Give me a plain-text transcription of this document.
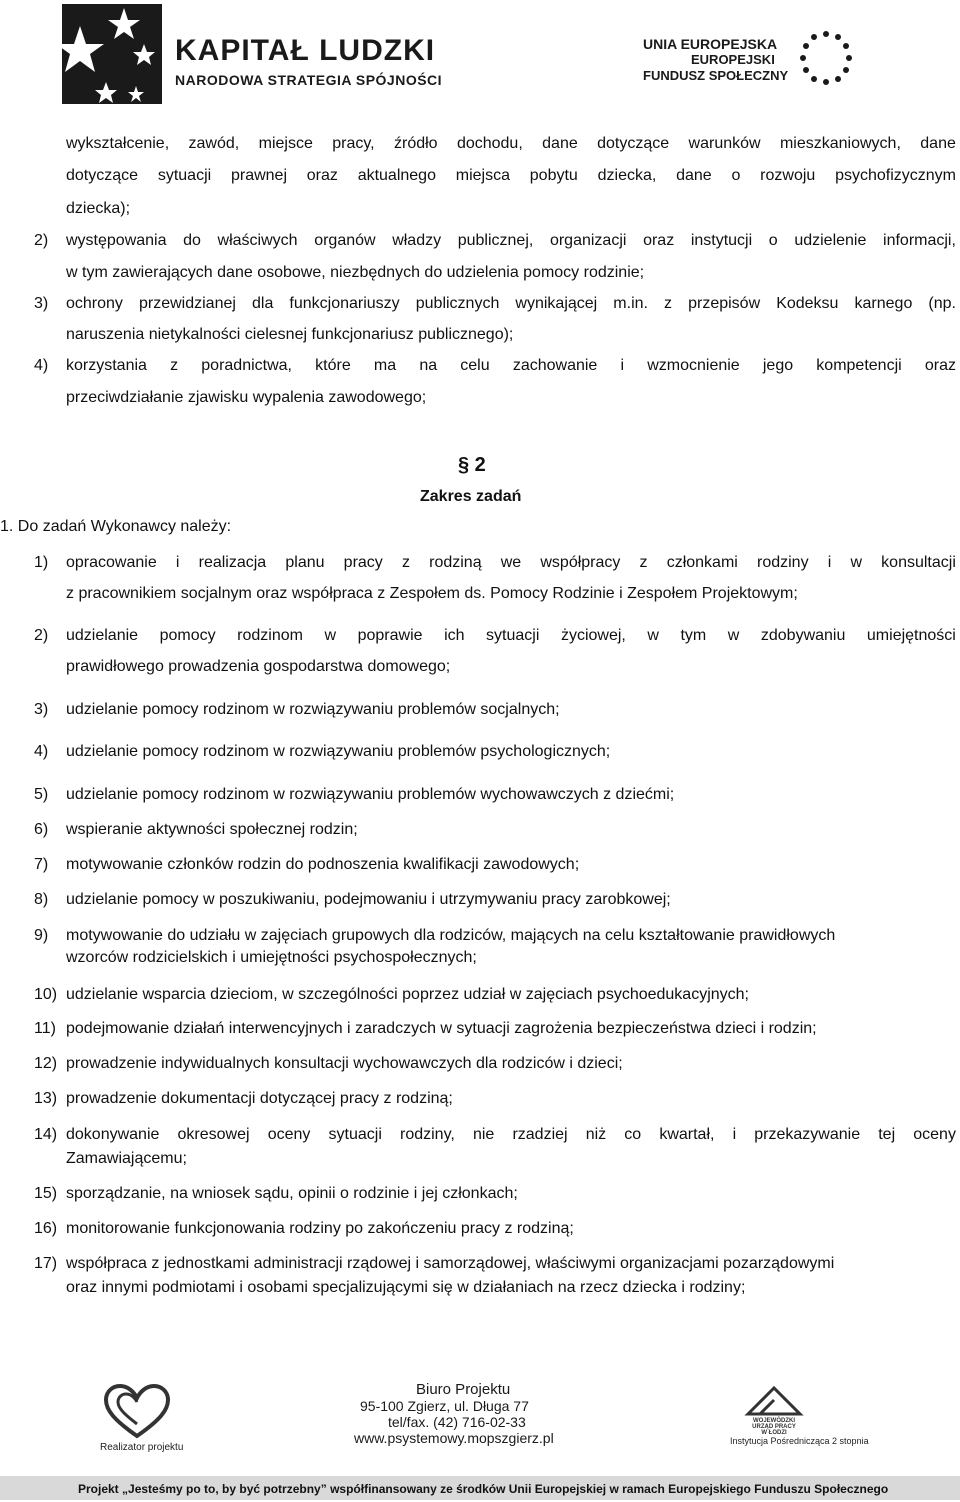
KAPITAŁ LUDZKI
NARODOWA STRATEGIA SPÓJNOŚCI
UNIA EUROPEJSKA
EUROPEJSKI
FUNDUSZ SPOŁECZNY
wykształcenie, zawód, miejsce pracy, źródło dochodu, dane dotyczące warunków mieszkaniowych, dane
dotyczące sytuacji prawnej oraz aktualnego miejsca pobytu dziecka, dane o rozwoju psychofizycznym
dziecka);
2) występowania do właściwych organów władzy publicznej, organizacji oraz instytucji o udzielenie informacji,
w tym zawierających dane osobowe, niezbędnych do udzielenia pomocy rodzinie;
3) ochrony przewidzianej dla funkcjonariuszy publicznych wynikającej m.in. z przepisów Kodeksu karnego (np.
naruszenia nietykalności cielesnej funkcjonariusz publicznego);
4) korzystania z poradnictwa, które ma na celu zachowanie i wzmocnienie jego kompetencji oraz
przeciwdziałanie zjawisku wypalenia zawodowego;
§ 2
Zakres zadań
1. Do zadań Wykonawcy należy:
1) opracowanie i realizacja planu pracy z rodziną we współpracy z członkami rodziny i w konsultacji
z pracownikiem socjalnym oraz współpraca z Zespołem ds. Pomocy Rodzinie i Zespołem Projektowym;
2) udzielanie pomocy rodzinom w poprawie ich sytuacji życiowej, w tym w zdobywaniu umiejętności
prawidłowego prowadzenia gospodarstwa domowego;
3) udzielanie pomocy rodzinom w rozwiązywaniu problemów socjalnych;
4) udzielanie pomocy rodzinom w rozwiązywaniu problemów psychologicznych;
5) udzielanie pomocy rodzinom w rozwiązywaniu problemów wychowawczych z dziećmi;
6) wspieranie aktywności społecznej rodzin;
7) motywowanie członków rodzin do podnoszenia kwalifikacji zawodowych;
8) udzielanie pomocy w poszukiwaniu, podejmowaniu i utrzymywaniu pracy zarobkowej;
9) motywowanie do udziału w zajęciach grupowych dla rodziców, mających na celu kształtowanie prawidłowych
wzorców rodzicielskich i umiejętności psychospołecznych;
10) udzielanie wsparcia dzieciom, w szczególności poprzez udział w zajęciach psychoedukacyjnych;
11) podejmowanie działań interwencyjnych i zaradczych w sytuacji zagrożenia bezpieczeństwa dzieci i rodzin;
12) prowadzenie indywidualnych konsultacji wychowawczych dla rodziców i dzieci;
13) prowadzenie dokumentacji dotyczącej pracy z rodziną;
14) dokonywanie okresowej oceny sytuacji rodziny, nie rzadziej niż co kwartał, i przekazywanie tej oceny
Zamawiającemu;
15) sporządzanie, na wniosek sądu, opinii o rodzinie i jej członkach;
16) monitorowanie funkcjonowania rodziny po zakończeniu pracy z rodziną;
17) współpraca z jednostkami administracji rządowej i samorządowej, właściwymi organizacjami pozarządowymi
oraz innymi podmiotami i osobami specjalizującymi się w działaniach na rzecz dziecka i rodziny;
Realizator projektu
Biuro Projektu
95-100 Zgierz, ul. Długa 77
tel/fax. (42) 716-02-33
www.psystemowy.mopszgierz.pl
WOJEWÓDZKI
URZĄD PRACY
W ŁODZI
Instytucja Pośrednicząca 2 stopnia
Projekt „Jesteśmy po to, by być potrzebny” współfinansowany ze środków Unii Europejskiej w ramach Europejskiego Funduszu Społecznego
